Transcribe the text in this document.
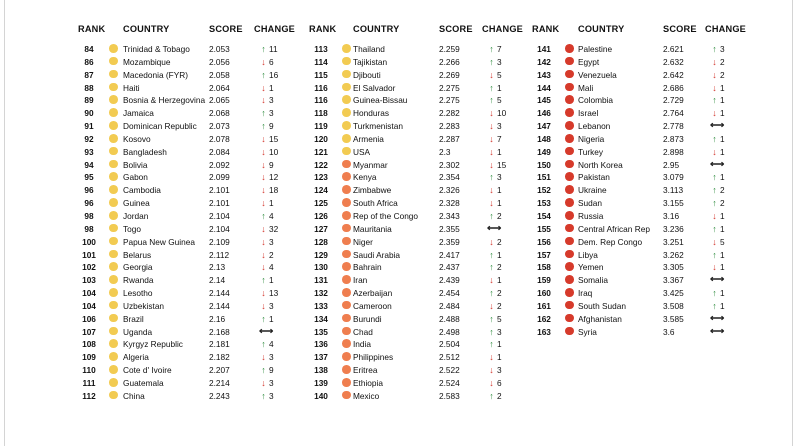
RANK COUNTRY	SCORE CHANGE
84	Trinidad & Tobago 2.053	↑ 11
86	Mozambique	2.056	↓ 6
87	Macedonia (FYR)	2.058	↑ 16
88	Haiti	2.064	↓ 1
89	Bosnia & Herzegovina 2.065	↓ 3
90	Jamaica	2.068	↑ 3
91	Dominican Republic 2.073	↑ 9
92	Kosovo	2.078	↓ 15
93	Bangladesh	2.084	↓ 10
94	Bolivia	2.092	↓ 9
95	Gabon	2.099	↓ 12
96	Cambodia	2.101	↓ 18
96	Guinea	2.101	↓ 1
98	Jordan	2.104	↑ 4
98	Togo	2.104	↓ 32
100	Papua New Guinea 2.109	↓ 3
101	Belarus	2.112	↓ 2
102	Georgia	2.13	↓ 4
103	Rwanda	2.14	↑ 1
104	Lesotho	2.144	↓ 13
104	Uzbekistan	2.144	↓ 3
106	Brazil	2.16	↑ 1
107	Uganda	2.168	⟷
108	Kyrgyz Republic	2.181	↑ 4
109	Algeria	2.182	↓ 3
110	Cote d' Ivoire	2.207	↑ 9
111	Guatemala	2.214	↓ 3
112	China	2.243	↑ 3
RANK COUNTRY	SCORE CHANGE
113	Thailand	2.259	↑ 7
114	Tajikistan	2.266	↑ 3
115	Djibouti	2.269	↓ 5
116	El Salvador	2.275	↑ 1
116	Guinea-Bissau	2.275	↑ 5
118	Honduras	2.282	↓ 10
119	Turkmenistan	2.283	↓ 3
120	Armenia	2.287	↓ 7
121	USA	2.3	↓ 1
122	Myanmar	2.302	↓ 15
123	Kenya	2.354	↑ 3
124	Zimbabwe	2.326	↓ 1
125	South Africa	2.328	↓ 1
126	Rep of the Congo	2.343	↑ 2
127	Mauritania	2.355	⟷
128	Niger	2.359	↓ 2
129	Saudi Arabia	2.417	↑ 1
130	Bahrain	2.437	↑ 2
131	Iran	2.439	↓ 1
132	Azerbaijan	2.454	↑ 2
133	Cameroon	2.484	↓ 2
134	Burundi	2.488	↑ 5
135	Chad	2.498	↑ 3
136	India	2.504	↑ 1
137	Philippines	2.512	↓ 1
138	Eritrea	2.522	↓ 3
139	Ethiopia	2.524	↓ 6
140	Mexico	2.583	↑ 2
RANK COUNTRY	SCORE CHANGE
141	Palestine	2.621	↑ 3
142	Egypt	2.632	↓ 2
143	Venezuela	2.642	↓ 2
144	Mali	2.686	↓ 1
145	Colombia	2.729	↑ 1
146	Israel	2.764	↓ 1
147	Lebanon	2.778	⟷
148	Nigeria	2.873	↑ 1
149	Turkey	2.898	↓ 1
150	North Korea	2.95	⟷
151	Pakistan	3.079	↑ 1
152	Ukraine	3.113	↑ 2
153	Sudan	3.155	↑ 2
154	Russia	3.16	↓ 1
155	Central African Rep 3.236	↑ 1
156	Dem. Rep Congo	3.251	↓ 5
157	Libya	3.262	↑ 1
158	Yemen	3.305	↓ 1
159	Somalia	3.367	⟷
160	Iraq	3.425	↑ 1
161	South Sudan	3.508	↑ 1
162	Afghanistan	3.585	⟷
163	Syria	3.6	⟷
